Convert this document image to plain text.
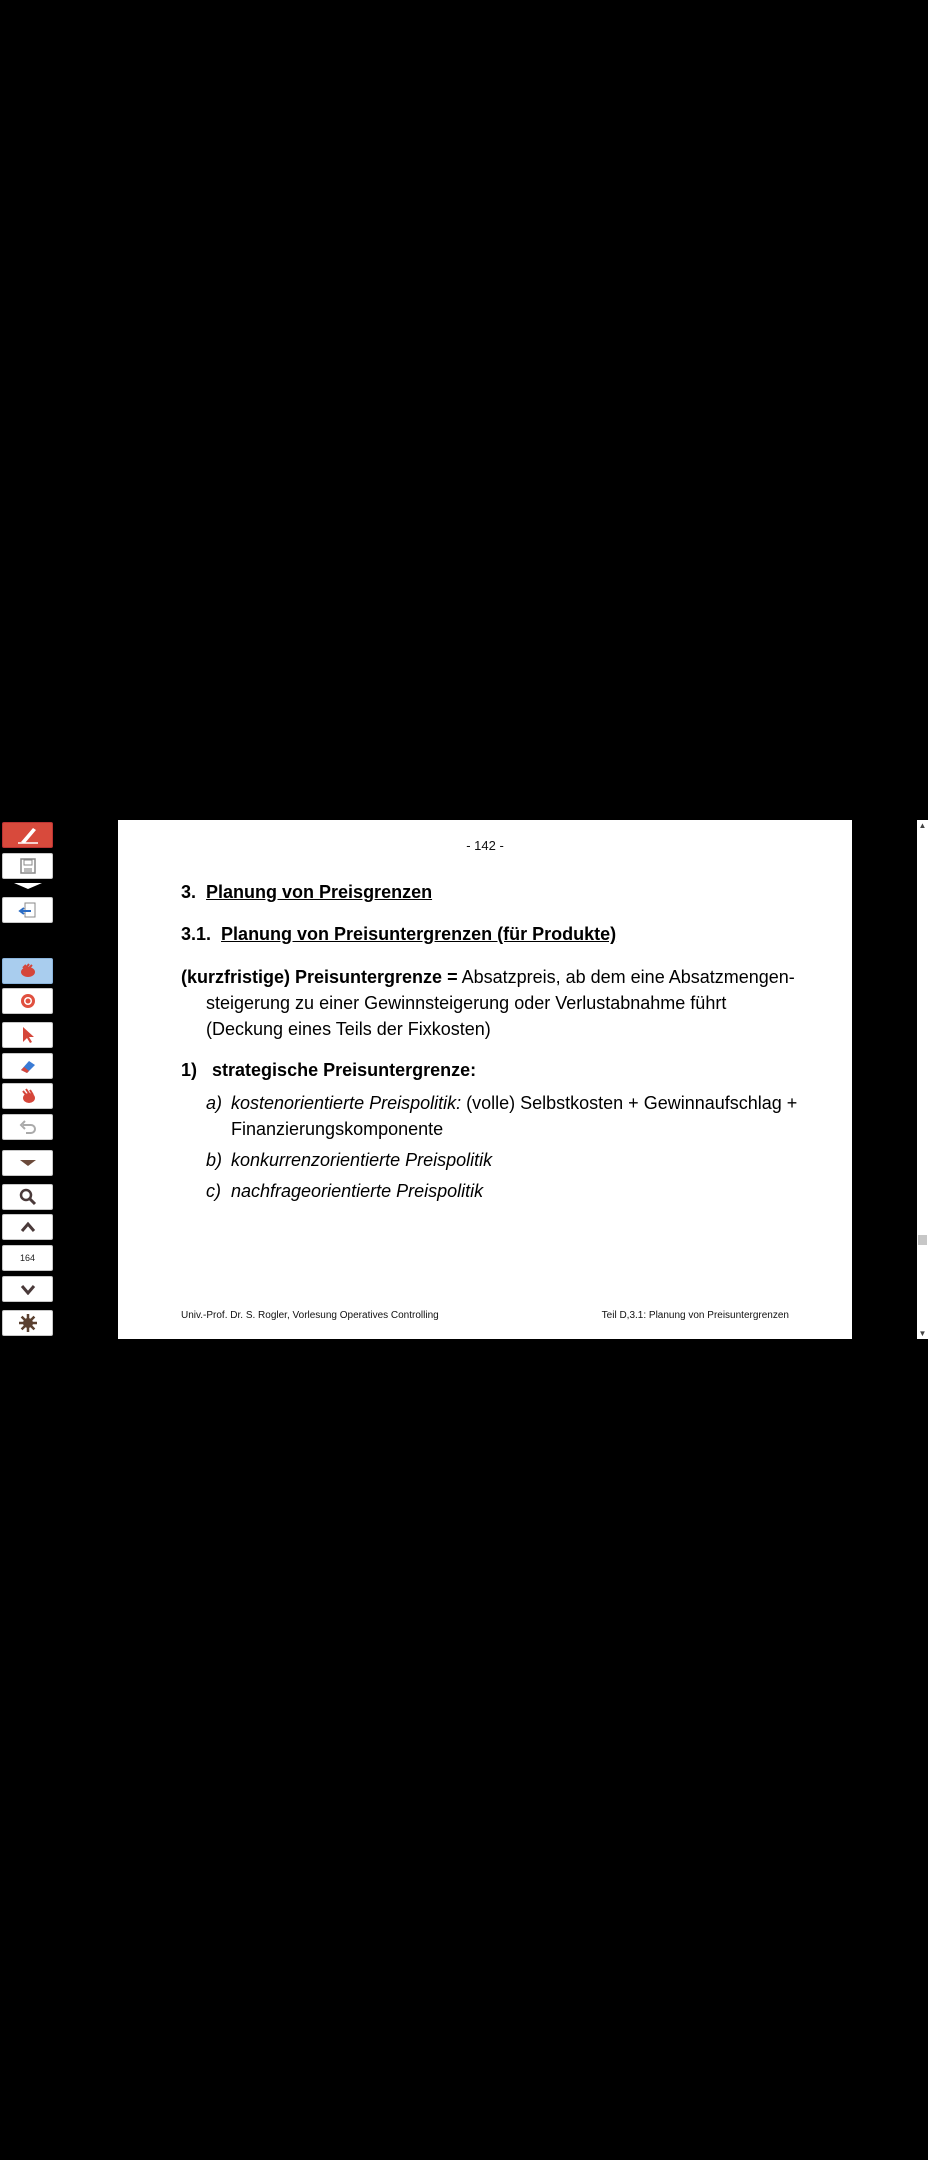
164
- 142 -
3. Planung von Preisgrenzen
3.1. Planung von Preisuntergrenzen (für Produkte)
(kurzfristige) Preisuntergrenze = Absatzpreis, ab dem eine Absatzmengen-
steigerung zu einer Gewinnsteigerung oder Verlustabnahme führt
(Deckung eines Teils der Fixkosten)
1) strategische Preisuntergrenze:
a) kostenorientierte Preispolitik: (volle) Selbstkosten + Gewinnaufschlag +
Finanzierungskomponente
b) konkurrenzorientierte Preispolitik
c) nachfrageorientierte Preispolitik
Univ.-Prof. Dr. S. Rogler, Vorlesung Operatives Controlling	Teil D,3.1: Planung von Preisuntergrenzen
▲
▼
